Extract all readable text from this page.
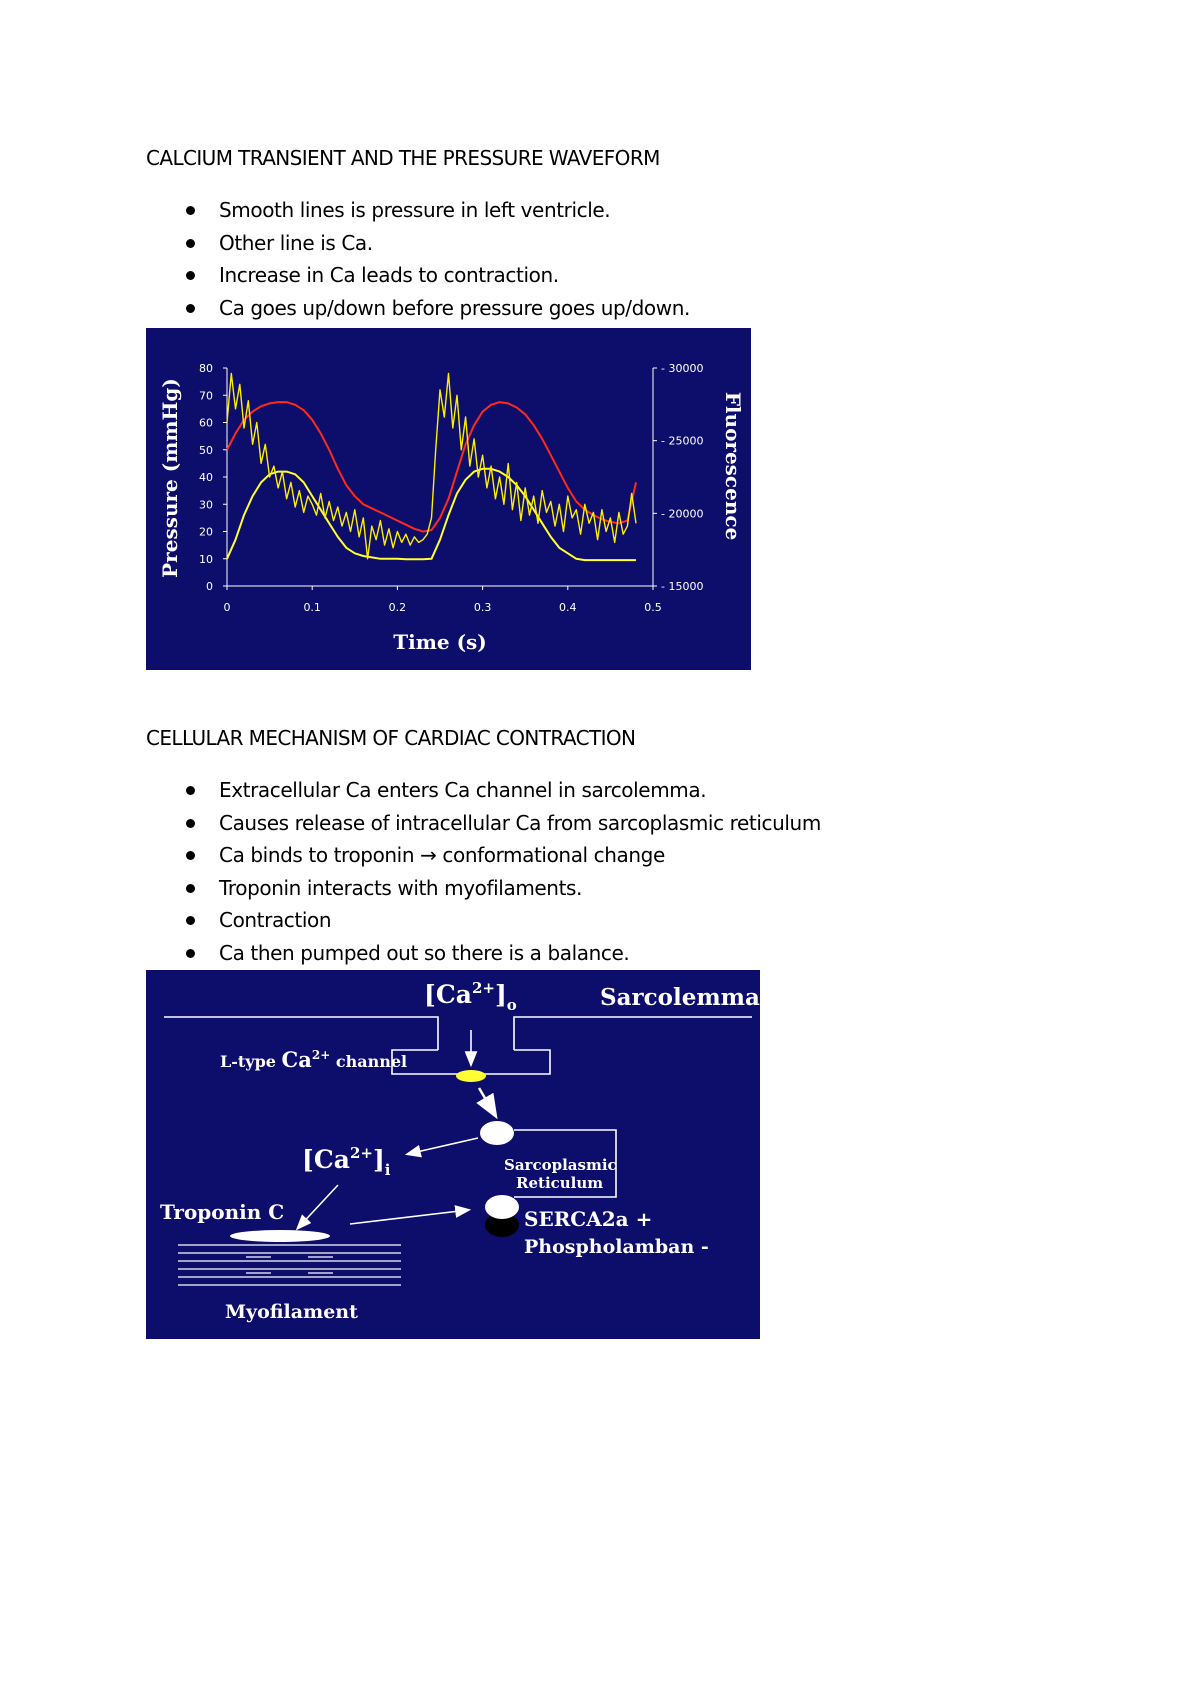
CALCIUM TRANSIENT AND THE PRESSURE WAVEFORM
Smooth lines is pressure in left ventricle.
Other line is Ca.
Increase in Ca leads to contraction.
Ca goes up/down before pressure goes up/down.
0	0.1	0.2	0.3	0.4	0.5
0
10
20
30
40
50
60
70
80
- 15000
- 20000
- 25000
- 30000
Time (s)
Pressure (mmHg)	Fluorescence
CELLULAR MECHANISM OF CARDIAC CONTRACTION
Extracellular Ca enters Ca channel in sarcolemma.
Causes release of intracellular Ca from sarcoplasmic reticulum
Ca binds to troponin → conformational change
Troponin interacts with myofilaments.
Contraction
Ca then pumped out so there is a balance.
Sarcolemma
$[Ca^{2+}]_o$
L-type $Ca^{2+}$ channel
Sarcoplasmic
Reticulum
$[Ca^{2+}]_i$
Troponin C
Myofilament
SERCA2a +
Phospholamban -
